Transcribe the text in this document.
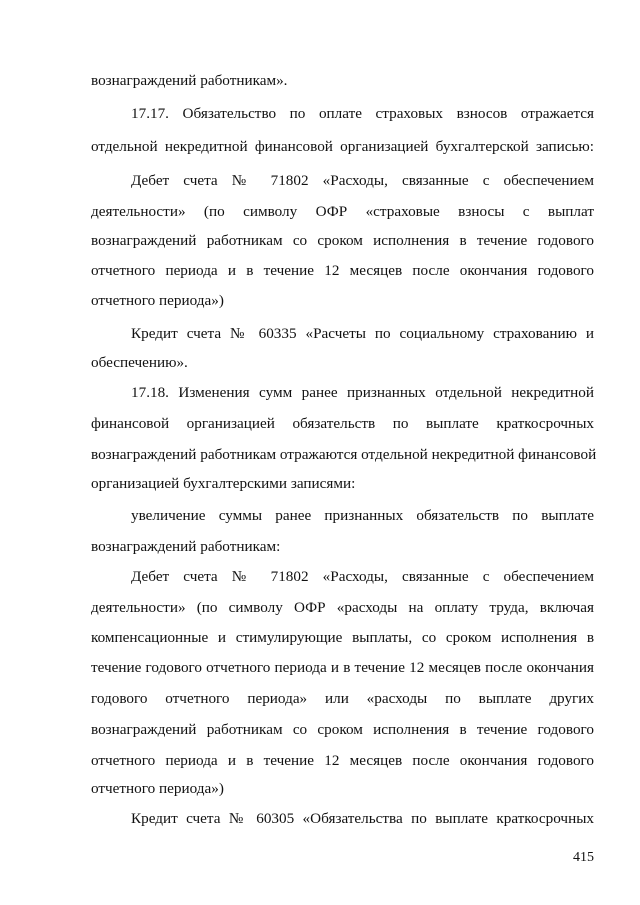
вознаграждений работникам».
17.17. Обязательство по оплате страховых взносов отражается
отдельной некредитной финансовой организацией бухгалтерской записью:
Дебет счета № 71802 «Расходы, связанные с обеспечением
деятельности» (по символу ОФР «страховые взносы с выплат
вознаграждений работникам со сроком исполнения в течение годового
отчетного периода и в течение 12 месяцев после окончания годового
отчетного периода»)
Кредит счета № 60335 «Расчеты по социальному страхованию и
обеспечению».
17.18. Изменения сумм ранее признанных отдельной некредитной
финансовой организацией обязательств по выплате краткосрочных
вознаграждений работникам отражаются отдельной некредитной финансовой
организацией бухгалтерскими записями:
увеличение суммы ранее признанных обязательств по выплате
вознаграждений работникам:
Дебет счета № 71802 «Расходы, связанные с обеспечением
деятельности» (по символу ОФР «расходы на оплату труда, включая
компенсационные и стимулирующие выплаты, со сроком исполнения в
течение годового отчетного периода и в течение 12 месяцев после окончания
годового отчетного периода» или «расходы по выплате других
вознаграждений работникам со сроком исполнения в течение годового
отчетного периода и в течение 12 месяцев после окончания годового
отчетного периода»)
Кредит счета № 60305 «Обязательства по выплате краткосрочных
415
